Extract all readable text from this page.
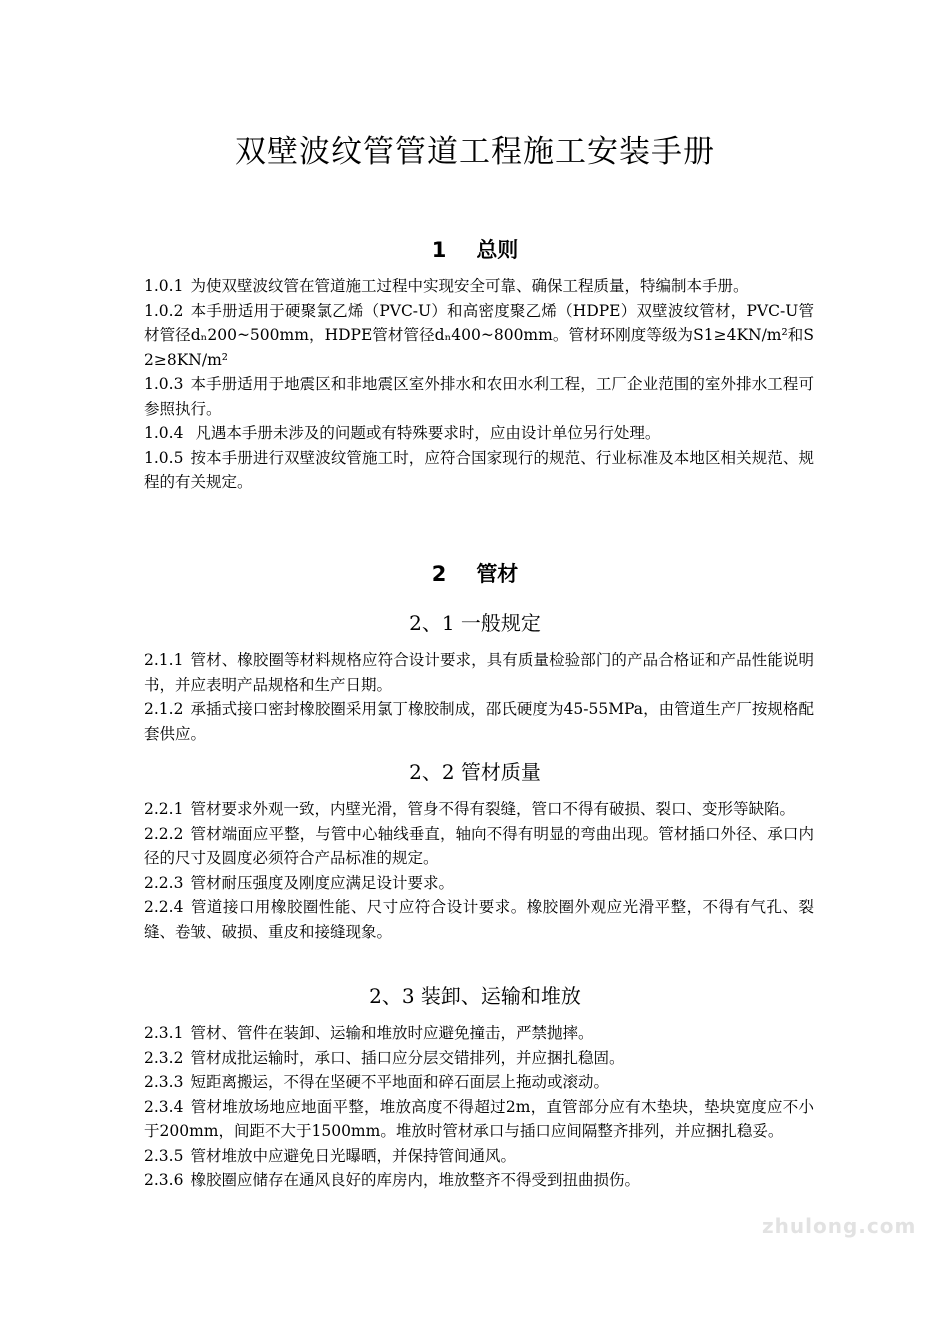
双壁波纹管管道工程施工安装手册
1 总则

1.0.1 为使双壁波纹管在管道施工过程中实现安全可靠、确保工程质量，特编制本手册。

1.0.2 本手册适用于硬聚氯乙烯（PVC-U）和高密度聚乙烯（HDPE）双壁波纹管材，PVC-U管材管径dₙ200~500mm，HDPE管材管径dₙ400~800mm。管材环刚度等级为S1≥4KN/m²和S2≥8KN/m²

1.0.3 本手册适用于地震区和非地震区室外排水和农田水利工程，工厂企业范围的室外排水工程可参照执行。

1.0.4 凡遇本手册未涉及的问题或有特殊要求时，应由设计单位另行处理。

1.0.5 按本手册进行双壁波纹管施工时，应符合国家现行的规范、行业标准及本地区相关规范、规程的有关规定。

2 管材
2、1 一般规定

2.1.1 管材、橡胶圈等材料规格应符合设计要求，具有质量检验部门的产品合格证和产品性能说明书，并应表明产品规格和生产日期。

2.1.2 承插式接口密封橡胶圈采用氯丁橡胶制成，邵氏硬度为45-55MPa，由管道生产厂按规格配套供应。

2、2 管材质量

2.2.1 管材要求外观一致，内壁光滑，管身不得有裂缝，管口不得有破损、裂口、变形等缺陷。

2.2.2 管材端面应平整，与管中心轴线垂直，轴向不得有明显的弯曲出现。管材插口外径、承口内径的尺寸及圆度必须符合产品标准的规定。

2.2.3 管材耐压强度及刚度应满足设计要求。

2.2.4 管道接口用橡胶圈性能、尺寸应符合设计要求。橡胶圈外观应光滑平整，不得有气孔、裂缝、卷皱、破损、重皮和接缝现象。

2、3 装卸、运输和堆放

2.3.1 管材、管件在装卸、运输和堆放时应避免撞击，严禁抛摔。

2.3.2 管材成批运输时，承口、插口应分层交错排列，并应捆扎稳固。

2.3.3 短距离搬运，不得在坚硬不平地面和碎石面层上拖动或滚动。

2.3.4 管材堆放场地应地面平整，堆放高度不得超过2m，直管部分应有木垫块，垫块宽度应不小于200mm，间距不大于1500mm。堆放时管材承口与插口应间隔整齐排列，并应捆扎稳妥。

2.3.5 管材堆放中应避免日光曝晒，并保持管间通风。

2.3.6 橡胶圈应储存在通风良好的库房内，堆放整齐不得受到扭曲损伤。

zhulong.com
